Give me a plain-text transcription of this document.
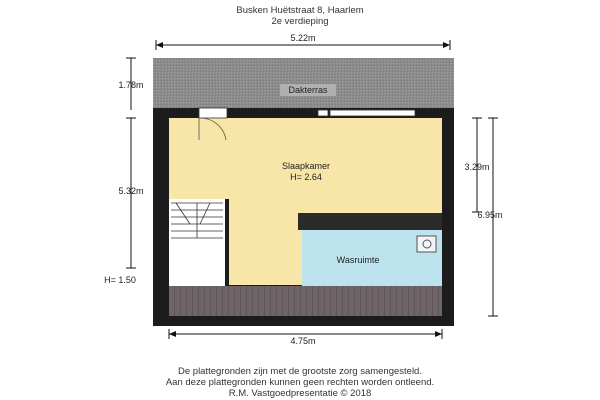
Busken Huëtstraat 8, Haarlem
2e verdieping
Dakterras
Slaapkamer
H= 2.64
Wasruimte
5.22m
1.78m
5.32m
H= 1.50
3.29m
6.95m
4.75m
De plattegronden zijn met de grootste zorg samengesteld.
Aan deze plattegronden kunnen geen rechten worden ontleend.
R.M. Vastgoedpresentatie © 2018
